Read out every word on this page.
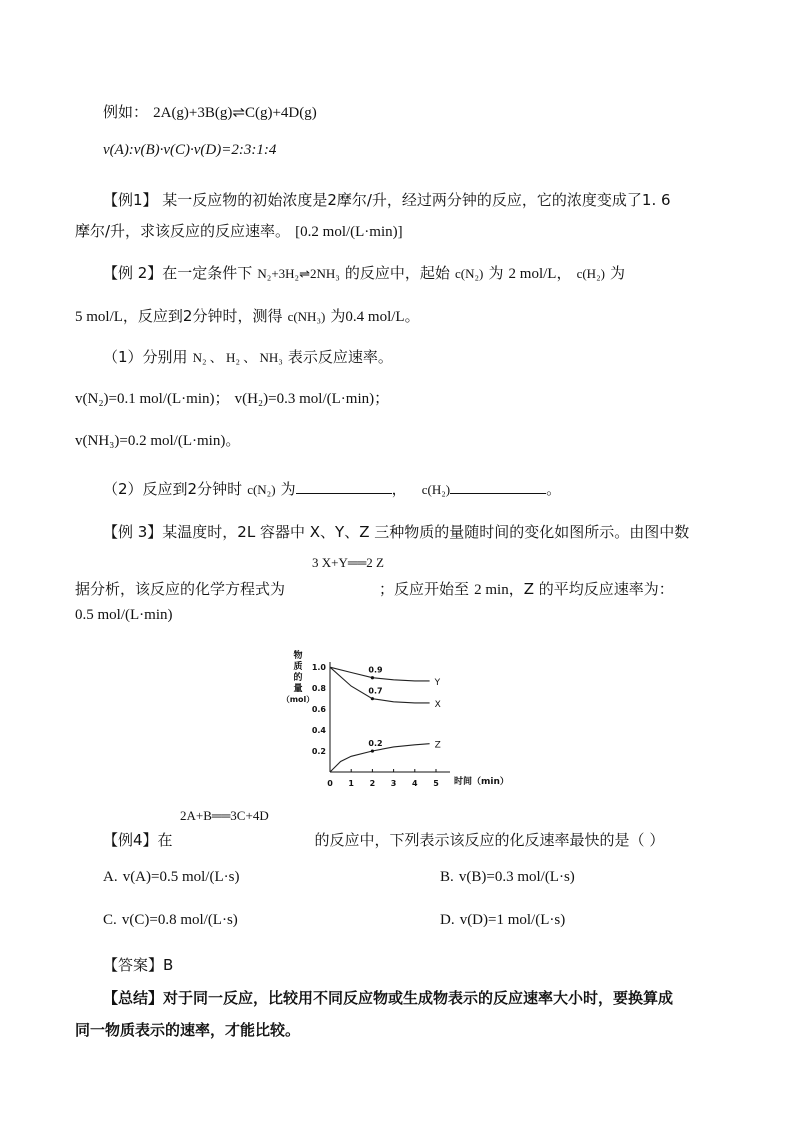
例如： 2A(g)+3B(g)⇌C(g)+4D(g)
v(A):v(B)·v(C)·v(D)=2:3:1:4
【例1】 某一反应物的初始浓度是2摩尔/升，经过两分钟的反应，它的浓度变成了1. 6
摩尔/升，求该反应的反应速率。 [0.2 mol/(L·min)]
【例 2】在一定条件下 N₂+3H₂⇌2NH₃ 的反应中，起始 c(N₂) 为 2 mol/L， c(H₂) 为
5 mol/L，反应到2分钟时，测得 c(NH₃) 为0.4 mol/L。
（1）分别用 N₂ 、 H₂ 、 NH₃ 表示反应速率。
v(N₂)=0.1 mol/(L·min)； v(H₂)=0.3 mol/(L·min)；
v(NH₃)=0.2 mol/(L·min)。
（2）反应到2分钟时 c(N₂) 为	， c(H₂)	。
【例 3】某温度时，2L 容器中 X、Y、Z 三种物质的量随时间的变化如图所示。由图中数
3 X+Y══2 Z
据分析，该反应的化学方程式为	；反应开始至 2 min，Z 的平均反应速率为：
0.5 mol/(L·min)
物质的量（mol）
0 1 2 3 4 5
0.2
0.4
0.6
0.8
1.0
Y
X
Z
0.9
0.7
0.2
时间（min）
2A+B══3C+4D
【例4】在	的反应中，下列表示该反应的化反速率最快的是（ ）
A. v(A)=0.5 mol/(L·s)	B. v(B)=0.3 mol/(L·s)
C. v(C)=0.8 mol/(L·s)	D. v(D)=1 mol/(L·s)
【答案】B
【总结】对于同一反应，比较用不同反应物或生成物表示的反应速率大小时，要换算成
同一物质表示的速率，才能比较。
